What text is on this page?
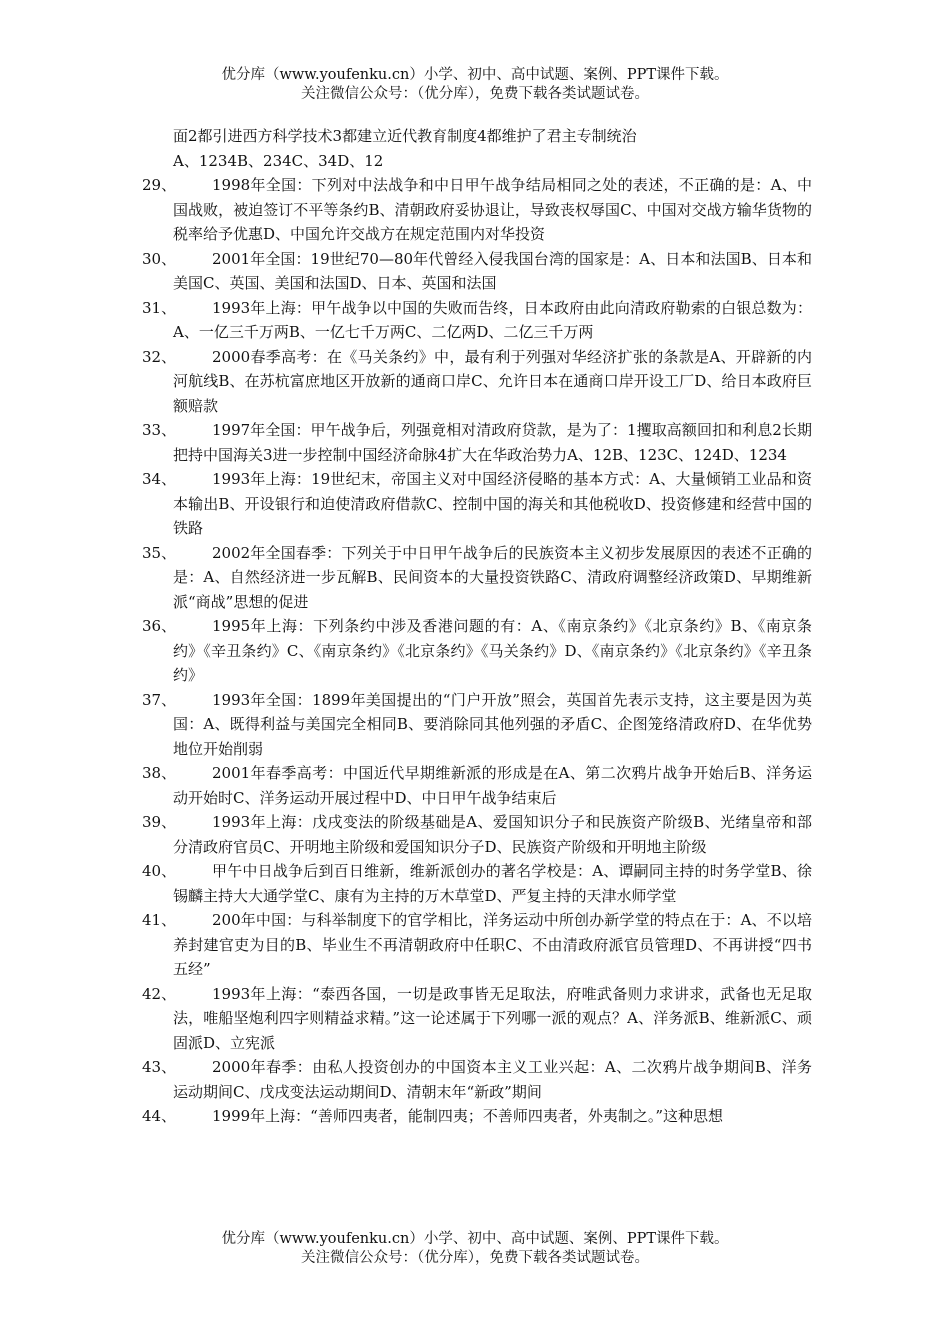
优分库（www.youfenku.cn）小学、初中、高中试题、案例、PPT课件下载。
关注微信公众号：（优分库），免费下载各类试题试卷。
面2都引进西方科学技术3都建立近代教育制度4都维护了君主专制统治
A、1234B、234C、34D、12
29、	1998年全国：下列对中法战争和中日甲午战争结局相同之处的表述，不正确的是：A、中国战败，被迫签订不平等条约B、清朝政府妥协退让，导致丧权辱国C、中国对交战方输华货物的税率给予优惠D、中国允许交战方在规定范围内对华投资
30、	2001年全国：19世纪70—80年代曾经入侵我国台湾的国家是：A、日本和法国B、日本和美国C、英国、美国和法国D、日本、英国和法国
31、	1993年上海：甲午战争以中国的失败而告终，日本政府由此向清政府勒索的白银总数为：A、一亿三千万两B、一亿七千万两C、二亿两D、二亿三千万两
32、	2000春季高考：在《马关条约》中，最有利于列强对华经济扩张的条款是A、开辟新的内河航线B、在苏杭富庶地区开放新的通商口岸C、允许日本在通商口岸开设工厂D、给日本政府巨额赔款
33、	1997年全国：甲午战争后，列强竟相对清政府贷款，是为了：1攫取高额回扣和利息2长期把持中国海关3进一步控制中国经济命脉4扩大在华政治势力A、12B、123C、124D、1234
34、	1993年上海：19世纪末，帝国主义对中国经济侵略的基本方式：A、大量倾销工业品和资本输出B、开设银行和迫使清政府借款C、控制中国的海关和其他税收D、投资修建和经营中国的铁路
35、	2002年全国春季：下列关于中日甲午战争后的民族资本主义初步发展原因的表述不正确的是：A、自然经济进一步瓦解B、民间资本的大量投资铁路C、清政府调整经济政策D、早期维新派“商战”思想的促进
36、	1995年上海：下列条约中涉及香港问题的有：A、《南京条约》《北京条约》B、《南京条约》《辛丑条约》C、《南京条约》《北京条约》《马关条约》D、《南京条约》《北京条约》《辛丑条约》
37、	1993年全国：1899年美国提出的“门户开放”照会，英国首先表示支持，这主要是因为英国：A、既得利益与美国完全相同B、要消除同其他列强的矛盾C、企图笼络清政府D、在华优势地位开始削弱
38、	2001年春季高考：中国近代早期维新派的形成是在A、第二次鸦片战争开始后B、洋务运动开始时C、洋务运动开展过程中D、中日甲午战争结束后
39、	1993年上海：戊戌变法的阶级基础是A、爱国知识分子和民族资产阶级B、光绪皇帝和部分清政府官员C、开明地主阶级和爱国知识分子D、民族资产阶级和开明地主阶级
40、	甲午中日战争后到百日维新，维新派创办的著名学校是：A、谭嗣同主持的时务学堂B、徐锡麟主持大大通学堂C、康有为主持的万木草堂D、严复主持的天津水师学堂
41、	200年中国：与科举制度下的官学相比，洋务运动中所创办新学堂的特点在于：A、不以培养封建官吏为目的B、毕业生不再清朝政府中任职C、不由清政府派官员管理D、不再讲授“四书五经”
42、	1993年上海：“泰西各国，一切是政事皆无足取法，府唯武备则力求讲求，武备也无足取法，唯船坚炮利四字则精益求精。”这一论述属于下列哪一派的观点？A、洋务派B、维新派C、顽固派D、立宪派
43、	2000年春季：由私人投资创办的中国资本主义工业兴起：A、二次鸦片战争期间B、洋务运动期间C、戊戌变法运动期间D、清朝末年“新政”期间
44、	1999年上海：“善师四夷者，能制四夷；不善师四夷者，外夷制之。”这种思想
优分库（www.youfenku.cn）小学、初中、高中试题、案例、PPT课件下载。
关注微信公众号：（优分库），免费下载各类试题试卷。
